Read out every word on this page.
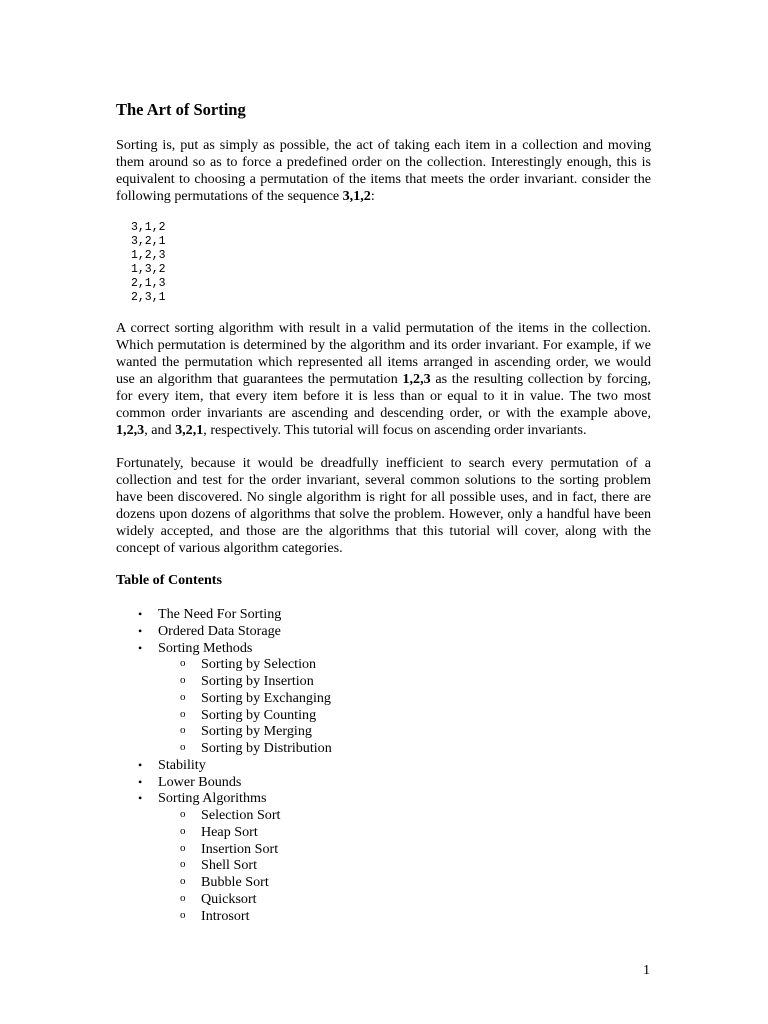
The Art of Sorting

Sorting is, put as simply as possible, the act of taking each item in a collection and moving them around so as to force a predefined order on the collection. Interestingly enough, this is equivalent to choosing a permutation of the items that meets the order invariant. consider the following permutations of the sequence 3,1,2:

3,1,2
3,2,1
1,2,3
1,3,2
2,1,3
2,3,1

A correct sorting algorithm with result in a valid permutation of the items in the collection. Which permutation is determined by the algorithm and its order invariant. For example, if we wanted the permutation which represented all items arranged in ascending order, we would use an algorithm that guarantees the permutation 1,2,3 as the resulting collection by forcing, for every item, that every item before it is less than or equal to it in value. The two most common order invariants are ascending and descending order, or with the example above, 1,2,3, and 3,2,1, respectively. This tutorial will focus on ascending order invariants.

Fortunately, because it would be dreadfully inefficient to search every permutation of a collection and test for the order invariant, several common solutions to the sorting problem have been discovered. No single algorithm is right for all possible uses, and in fact, there are dozens upon dozens of algorithms that solve the problem. However, only a handful have been widely accepted, and those are the algorithms that this tutorial will cover, along with the concept of various algorithm categories.

Table of Contents
• The Need For Sorting
• Ordered Data Storage
• Sorting Methods
o Sorting by Selection
o Sorting by Insertion
o Sorting by Exchanging
o Sorting by Counting
o Sorting by Merging
o Sorting by Distribution
• Stability
• Lower Bounds
• Sorting Algorithms
o Selection Sort
o Heap Sort
o Insertion Sort
o Shell Sort
o Bubble Sort
o Quicksort
o Introsort

1
